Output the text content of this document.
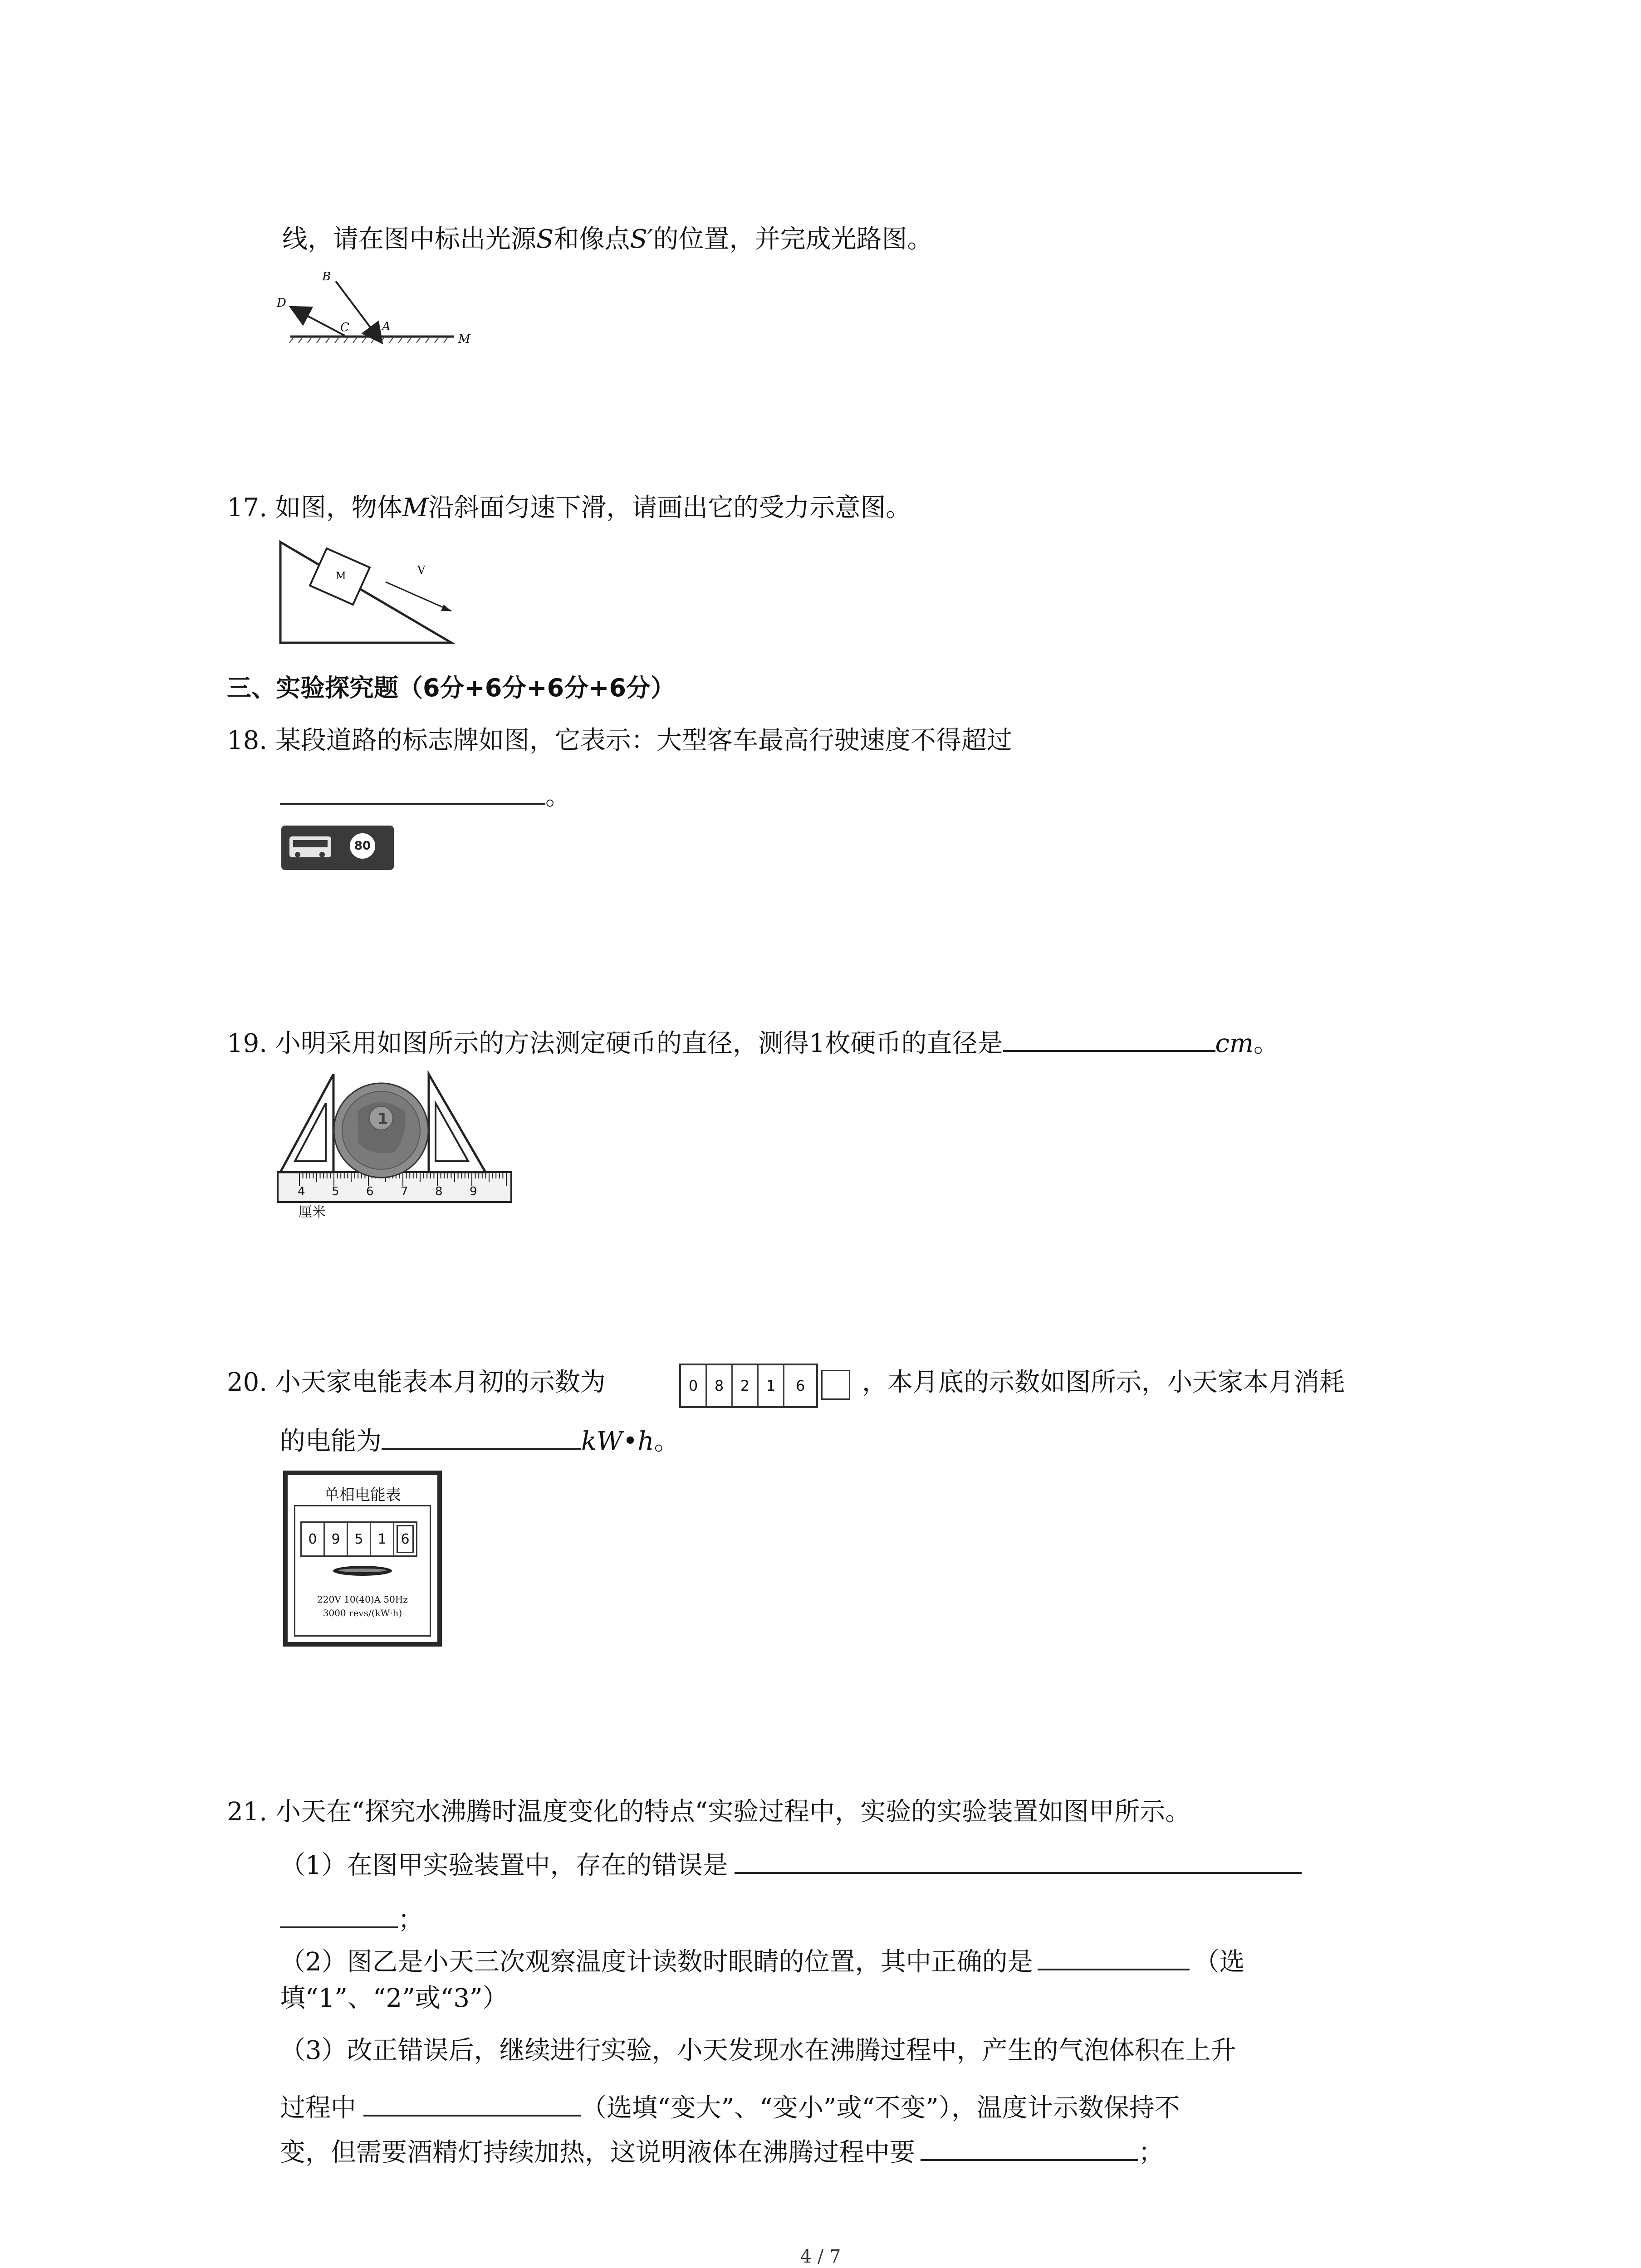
线，请在图中标出光源S和像点S′的位置，并完成光路图。
B
D
C	A
M
17. 如图，物体M沿斜面匀速下滑，请画出它的受力示意图。
M	V
三、实验探究题（6分+6分+6分+6分）
18. 某段道路的标志牌如图，它表示：大型客车最高行驶速度不得超过
。
80
19. 小明采用如图所示的方法测定硬币的直径，测得1枚硬币的直径是	cm。
1
4 5 6 7 8 9
厘米
20. 小天家电能表本月初的示数为	0	8	2	1	6	，本月底的示数如图所示，小天家本月消耗
的电能为	kW•h。
单相电能表
0	9	5	1	6
220V 10(40)A 50Hz
3000 revs/(kW·h)
21. 小天在“探究水沸腾时温度变化的特点“实验过程中，实验的实验装置如图甲所示。
（1）在图甲实验装置中，存在的错误是
；
（2）图乙是小天三次观察温度计读数时眼睛的位置，其中正确的是	（选
填“1”、“2”或“3”）
（3）改正错误后，继续进行实验，小天发现水在沸腾过程中，产生的气泡体积在上升
过程中	（选填“变大”、“变小”或“不变”），温度计示数保持不
变，但需要酒精灯持续加热，这说明液体在沸腾过程中要	；
4 / 7
